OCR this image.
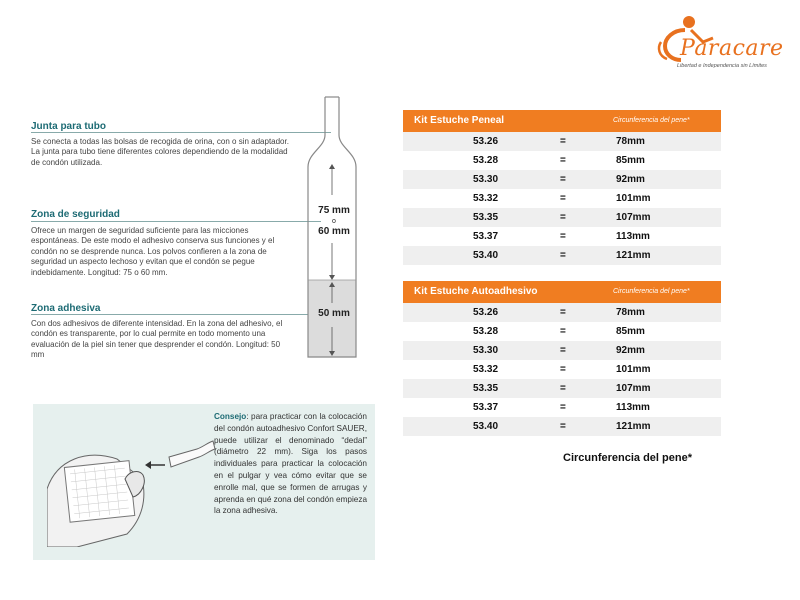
Paracare
Libertad e Independencia sin Límites
Junta para tubo
Se conecta a todas las bolsas de recogida de orina, con o sin adaptador. La junta para tubo tiene diferentes colores dependiendo de la modalidad de condón utilizada.
Zona de seguridad
Ofrece un margen de seguridad suficiente para las micciones espontáneas. De este modo el adhesivo conserva sus funciones y el condón no se desprende nunca. Los polvos confieren a la zona de seguridad un aspecto lechoso y evitan que el condón se pegue indebidamente. Longitud: 75 o 60 mm.
Zona adhesiva
Con dos adhesivos de diferente intensidad. En la zona del adhesivo, el condón es transparente, por lo cual permite en todo momento una evaluación de la piel sin tener que desprender el condón. Longitud: 50 mm
75 mm
o
60 mm
50 mm
Kit Estuche Peneal	Circunferencia del pene*
53.26	=	78mm
53.28	=	85mm
53.30	=	92mm
53.32	=	101mm
53.35	=	107mm
53.37	=	113mm
53.40	=	121mm
Kit Estuche Autoadhesivo	Circunferencia del pene*
53.26	=	78mm
53.28	=	85mm
53.30	=	92mm
53.32	=	101mm
53.35	=	107mm
53.37	=	113mm
53.40	=	121mm
Circunferencia del pene*
Consejo: para practicar con la colocación del condón autoadhesivo Confort SAUER, puede utilizar el denominado “dedal” (diámetro 22 mm). Siga los pasos individuales para practicar la colocación en el pulgar y vea cómo evitar que se enrolle mal, que se formen de arrugas y aprenda en qué zona del condón empieza la zona adhesiva.
